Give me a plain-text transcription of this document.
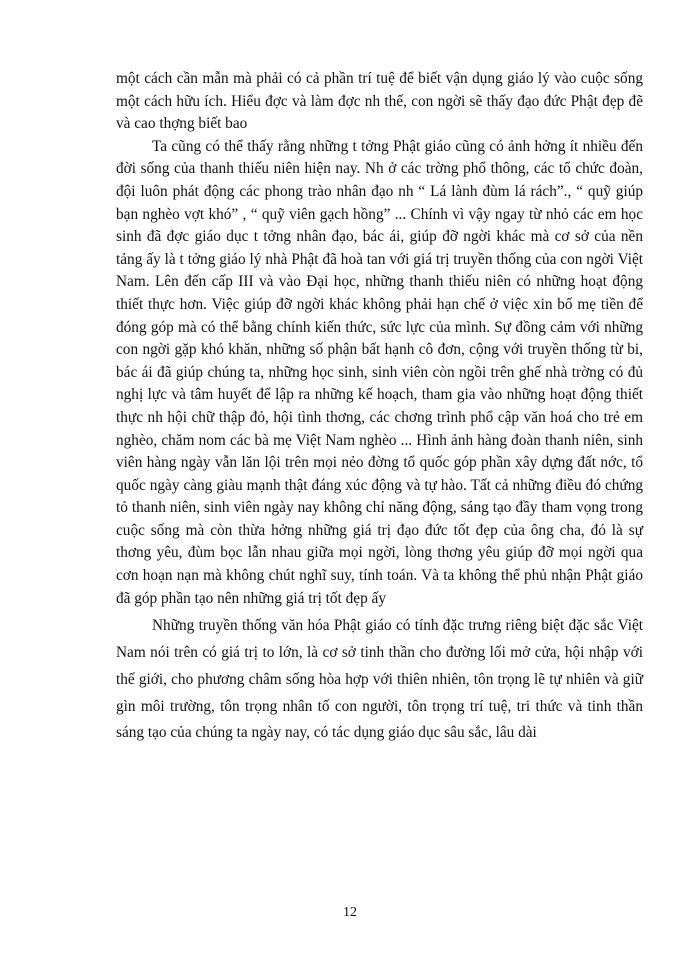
một cách cần mẫn mà phải có cả phần trí tuệ để biết vận dụng giáo lý vào cuộc sống một cách hữu ích. Hiểu đợc và làm đợc nh thế, con ngời sẽ thấy đạo đức Phật đẹp đẽ và cao thợng biết bao

Ta cũng có thể thấy rằng những t tởng Phật giáo cũng có ảnh hởng ít nhiều đến đời sống của thanh thiếu niên hiện nay. Nh ở các trờng phổ thông, các tổ chức đoàn, đội luôn phát động các phong trào nhân đạo nh “ Lá lành đùm lá rách”., “ quỹ giúp bạn nghèo vợt khó” , “ quỹ viên gạch hồng” ... Chính vì vậy ngay từ nhỏ các em học sinh đã đợc giáo dục t tởng nhân đạo, bác ái, giúp đỡ ngời khác mà cơ sở của nền tảng ấy là t tởng giáo lý nhà Phật đã hoà tan với giá trị truyền thống của con ngời Việt Nam. Lên đến cấp III và vào Đại học, những thanh thiếu niên có những hoạt động thiết thực hơn. Việc giúp đỡ ngời khác không phải hạn chế ở việc xin bố mẹ tiền để đóng góp mà có thể bằng chính kiến thức, sức lực của mình. Sự đồng cảm với những con ngời gặp khó khăn, những số phận bất hạnh cô đơn, cộng với truyền thống từ bi, bác ái đã giúp chúng ta, những học sinh, sinh viên còn ngồi trên ghế nhà trờng có đủ nghị lực và tâm huyết để lập ra những kế hoạch, tham gia vào những hoạt động thiết thực nh hội chữ thập đỏ, hội tình thơng, các chơng trình phổ cập văn hoá cho trẻ em nghèo, chăm nom các bà mẹ Việt Nam nghèo ... Hình ảnh hàng đoàn thanh niên, sinh viên hàng ngày vẫn lăn lội trên mọi nẻo đờng tổ quốc góp phần xây dựng đất nớc, tổ quốc ngày càng giàu mạnh thật đáng xúc động và tự hào. Tất cả những điều đó chứng tỏ thanh niên, sinh viên ngày nay không chỉ năng động, sáng tạo đầy tham vọng trong cuộc sống mà còn thừa hởng những giá trị đạo đức tốt đẹp của ông cha, đó là sự thơng yêu, đùm bọc lẫn nhau giữa mọi ngời, lòng thơng yêu giúp đỡ mọi ngời qua cơn hoạn nạn mà không chút nghĩ suy, tính toán. Và ta không thể phủ nhận Phật giáo đã góp phần tạo nên những giá trị tốt đẹp ấy

Những truyền thống văn hóa Phật giáo có tính đặc trưng riêng biệt đặc sắc Việt Nam nói trên có giá trị to lớn, là cơ sở tinh thần cho đường lối mở cửa, hội nhập với thế giới, cho phương châm sống hòa hợp với thiên nhiên, tôn trọng lẽ tự nhiên và giữ gìn môi trường, tôn trọng nhân tố con người, tôn trọng trí tuệ, tri thức và tinh thần sáng tạo của chúng ta ngày nay, có tác dụng giáo dục sâu sắc, lâu dài

12
